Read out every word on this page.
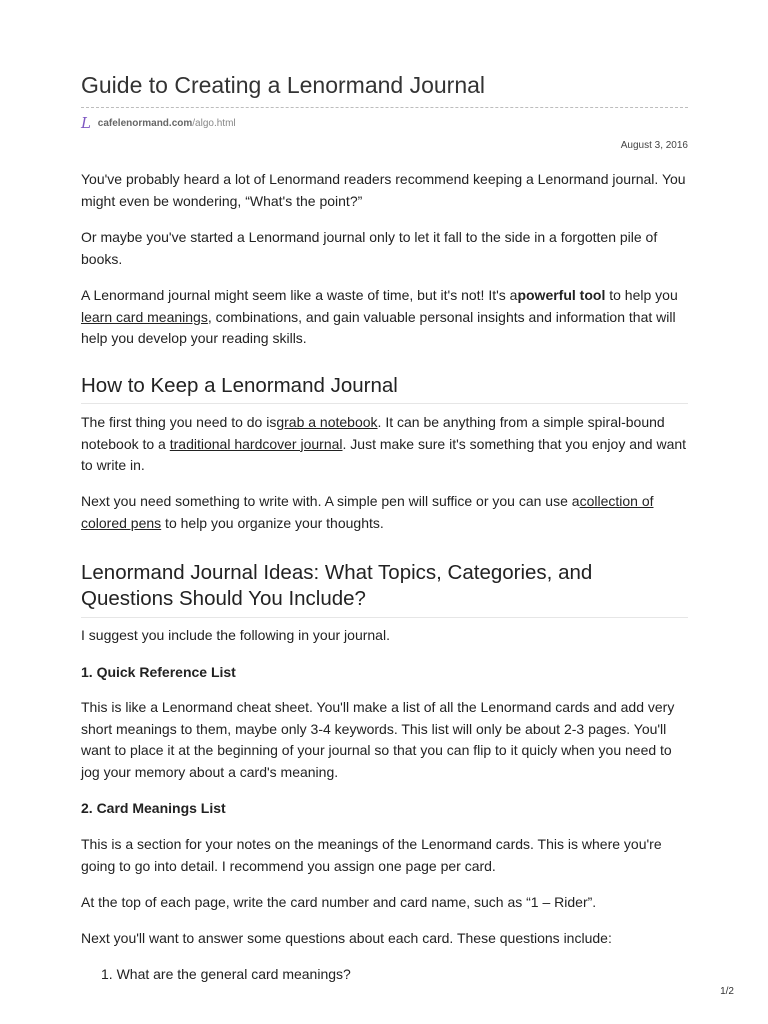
Guide to Creating a Lenormand Journal
L cafelenormand.com/algo.html
August 3, 2016

You've probably heard a lot of Lenormand readers recommend keeping a Lenormand journal. You might even be wondering, “What's the point?”

Or maybe you've started a Lenormand journal only to let it fall to the side in a forgotten pile of books.

A Lenormand journal might seem like a waste of time, but it's not! It's apowerful tool to help you learn card meanings, combinations, and gain valuable personal insights and information that will help you develop your reading skills.

How to Keep a Lenormand Journal

The first thing you need to do isgrab a notebook. It can be anything from a simple spiral-bound notebook to a traditional hardcover journal. Just make sure it's something that you enjoy and want to write in.

Next you need something to write with. A simple pen will suffice or you can use acollection of colored pens to help you organize your thoughts.

Lenormand Journal Ideas: What Topics, Categories, and Questions Should You Include?

I suggest you include the following in your journal.

1. Quick Reference List

This is like a Lenormand cheat sheet. You'll make a list of all the Lenormand cards and add very short meanings to them, maybe only 3-4 keywords. This list will only be about 2-3 pages. You'll want to place it at the beginning of your journal so that you can flip to it quicly when you need to jog your memory about a card's meaning.

2. Card Meanings List

This is a section for your notes on the meanings of the Lenormand cards. This is where you're going to go into detail. I recommend you assign one page per card.

At the top of each page, write the card number and card name, such as “1 – Rider”.

Next you'll want to answer some questions about each card. These questions include:

1. What are the general card meanings?
1/2
